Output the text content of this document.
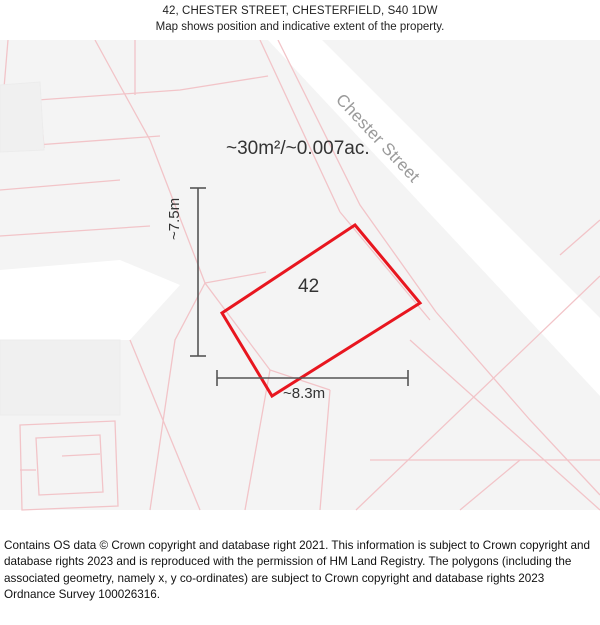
42, CHESTER STREET, CHESTERFIELD, S40 1DW
Map shows position and indicative extent of the property.
~30m²/~0.007ac.
42
Chester Street
~7.5m
~8.3m

Contains OS data © Crown copyright and database right 2021. This information is subject to Crown copyright and database rights 2023 and is reproduced with the permission of HM Land Registry. The polygons (including the associated geometry, namely x, y co-ordinates) are subject to Crown copyright and database rights 2023 Ordnance Survey 100026316.
